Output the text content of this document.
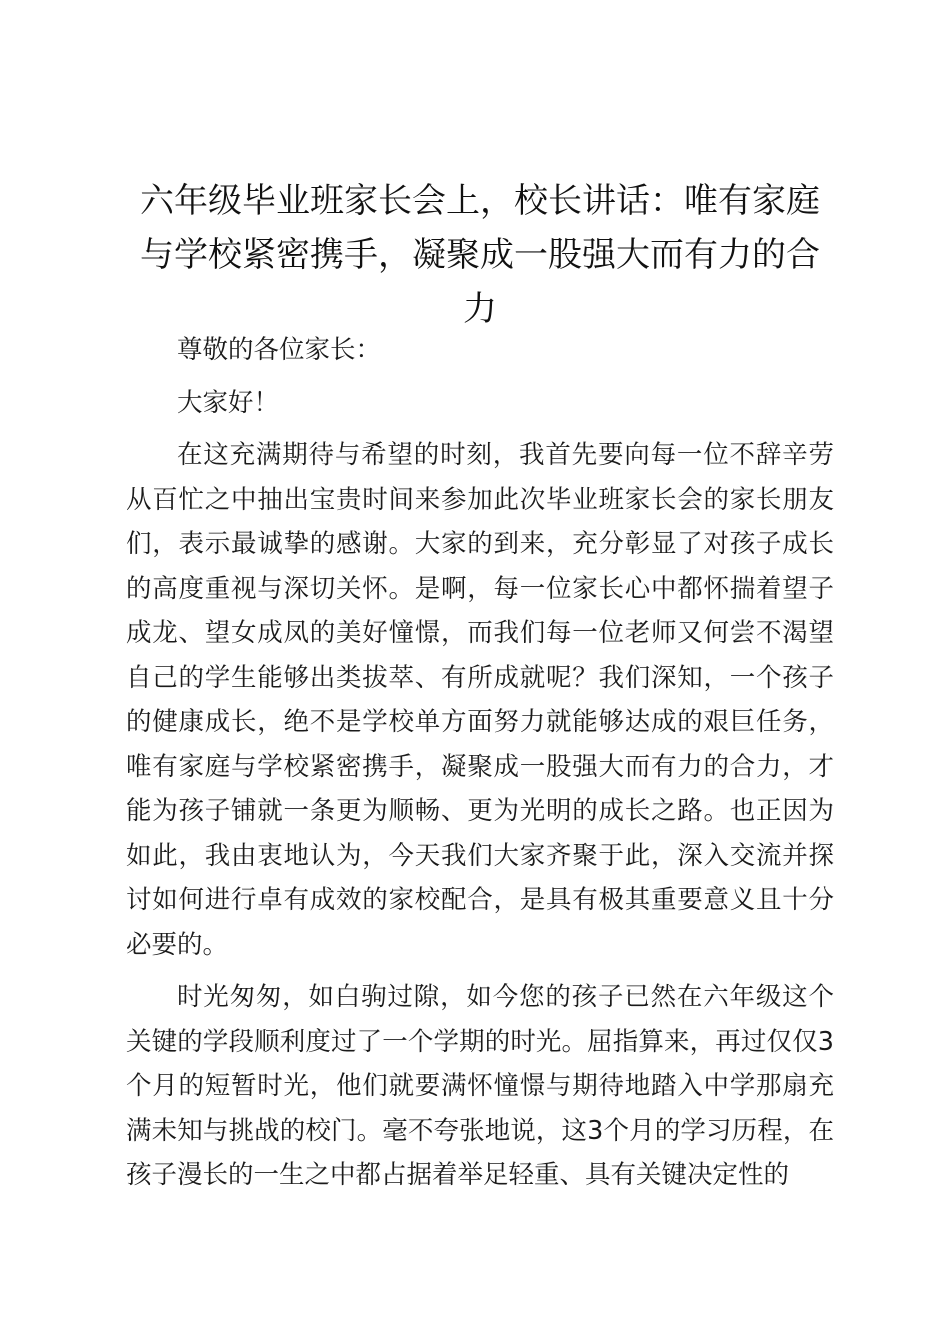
六年级毕业班家长会上，校长讲话：唯有家庭与学校紧密携手，凝聚成一股强大而有力的合力

尊敬的各位家长：

大家好！

在这充满期待与希望的时刻，我首先要向每一位不辞辛劳从百忙之中抽出宝贵时间来参加此次毕业班家长会的家长朋友们，表示最诚挚的感谢。大家的到来，充分彰显了对孩子成长的高度重视与深切关怀。是啊，每一位家长心中都怀揣着望子成龙、望女成凤的美好憧憬，而我们每一位老师又何尝不渴望自己的学生能够出类拔萃、有所成就呢？我们深知，一个孩子的健康成长，绝不是学校单方面努力就能够达成的艰巨任务，唯有家庭与学校紧密携手，凝聚成一股强大而有力的合力，才能为孩子铺就一条更为顺畅、更为光明的成长之路。也正因为如此，我由衷地认为，今天我们大家齐聚于此，深入交流并探讨如何进行卓有成效的家校配合，是具有极其重要意义且十分必要的。

时光匆匆，如白驹过隙，如今您的孩子已然在六年级这个关键的学段顺利度过了一个学期的时光。屈指算来，再过仅仅3个月的短暂时光，他们就要满怀憧憬与期待地踏入中学那扇充满未知与挑战的校门。毫不夸张地说，这3个月的学习历程，在孩子漫长的一生之中都占据着举足轻重、具有关键决定性的
